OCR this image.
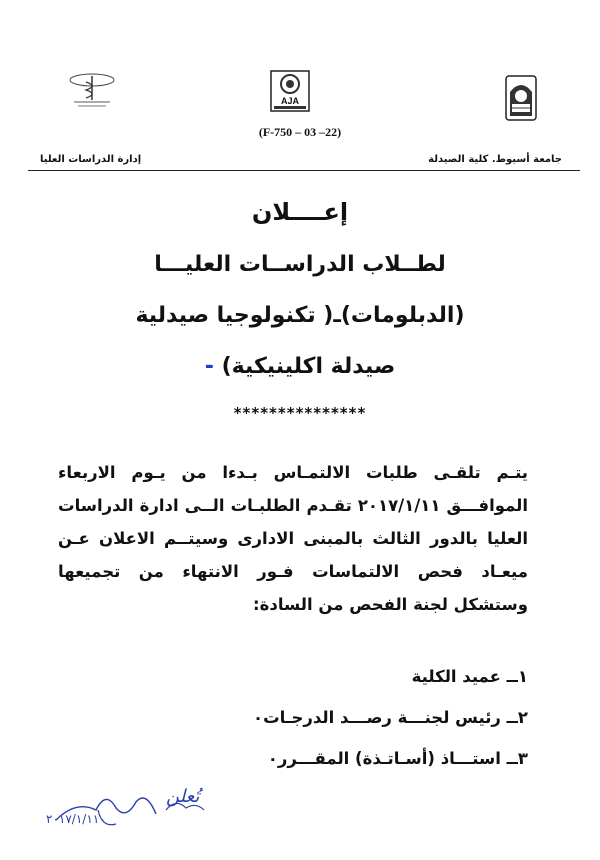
AJA
(F-750 – 03 –22)
جامعة أسيوط. كلية الصيدلة
إدارة الدراسات العليا
إعــــلان
لطــلاب الدراســات العليـــا
(الدبلومات)ـ( تكنولوجيا صيدلية
صيدلة اكلينيكية) -
***************
يتـم تلقـى طلبات الالتمـاس بـدءا من يـوم الاربعاء الموافـــق ٢٠١٧/١/١١ تقـدم الطلبـات الــى ادارة الدراسات العليا بالدور الثالث بالمبنى الادارى وسيتــم الاعلان عـن ميعـاد فحص الالتماسات فـور الانتهاء من تجميعها وستشكل لجنة الفحص من السادة:
١ــ عميد الكلية
٢ــ رئيس لجنـــة رصـــد الدرجـات٠
٣ــ استـــاذ (أسـاتـذة) المقـــرر٠
تُعلن
٢٠١٧/١/١١٠
